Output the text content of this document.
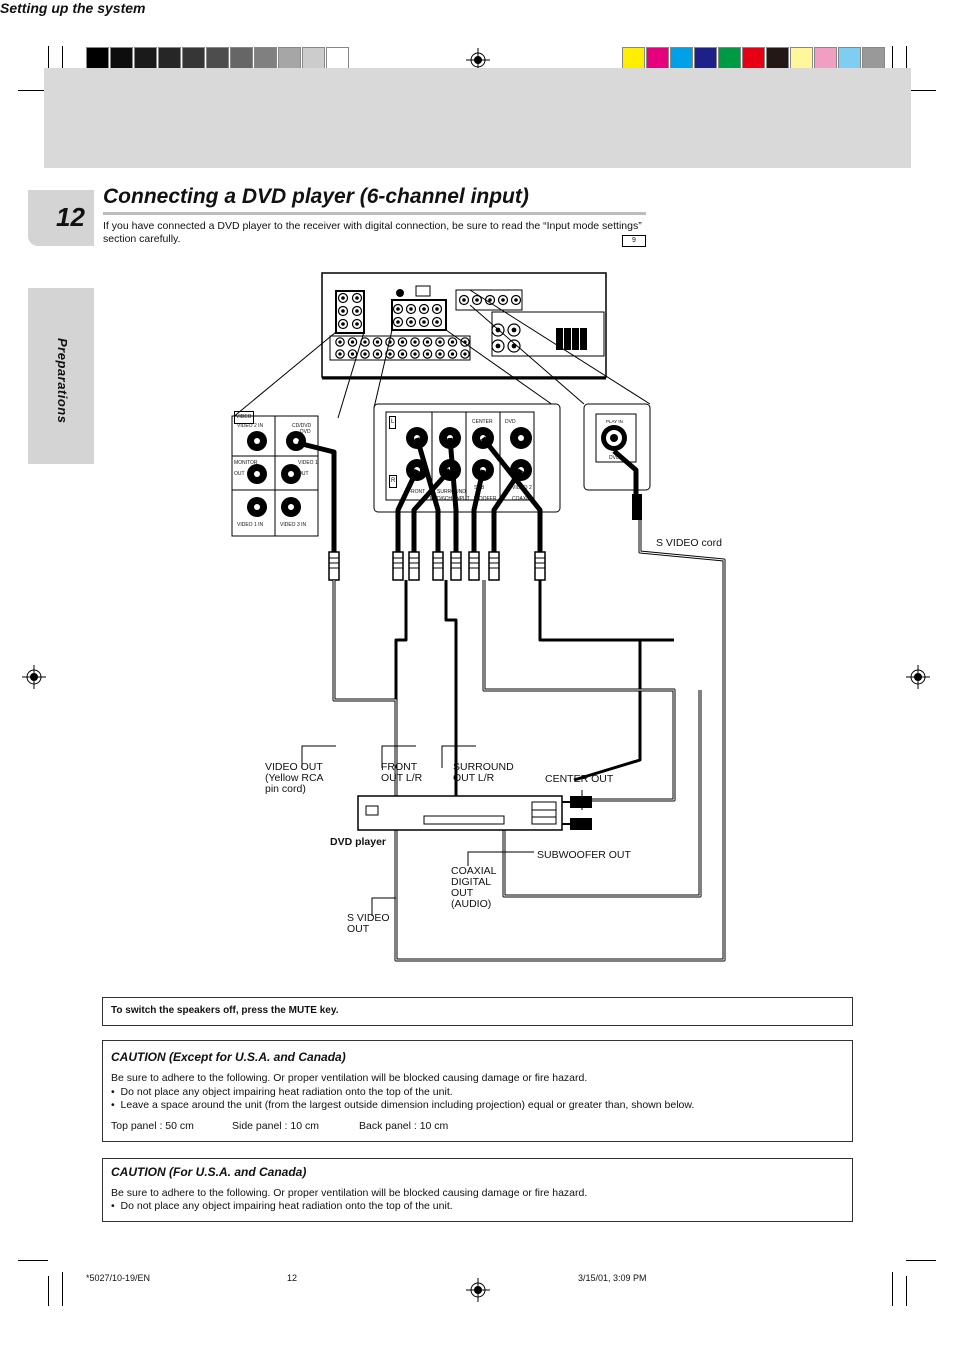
Setting up the system
12
Preparations
Connecting a DVD player (6-channel input)
If you have connected a DVD player to the receiver with digital connection, be sure to read the “Input mode settings” section carefully.	9
VIDEO
VIDEO 2 IN	CD/DVD IN
DVD
MONITOR OUT
VIDEO 1 OUT
VIDEO 1 IN	VIDEO 3 IN
L
R
CENTER DVD
FRONT SURROUND
SUB WOOFER
VIDEO 2 COAXIAL
DVD/6CH. INPUT
PLAY IN
DVD
S VIDEO cord
VIDEO OUT
(Yellow RCA
pin cord)
FRONT
OUT L/R
SURROUND
OUT L/R	CENTER OUT
DVD player
SUBWOOFER OUT
COAXIAL
DIGITAL
OUT
(AUDIO)
S VIDEO
OUT
To switch the speakers off, press the MUTE key.
CAUTION (Except for U.S.A. and Canada)
Be sure to adhere to the following. Or proper ventilation will be blocked causing damage or fire hazard.
•  Do not place any object impairing heat radiation onto the top of the unit.
•  Leave a space around the unit (from the largest outside dimension including projection) equal or greater than, shown below.
Top panel : 50 cm	Side panel : 10 cm	Back panel : 10 cm
CAUTION (For U.S.A. and Canada)
Be sure to adhere to the following. Or proper ventilation will be blocked causing damage or fire hazard.
•  Do not place any object impairing heat radiation onto the top of the unit.
*5027/10-19/EN	12	3/15/01, 3:09 PM
